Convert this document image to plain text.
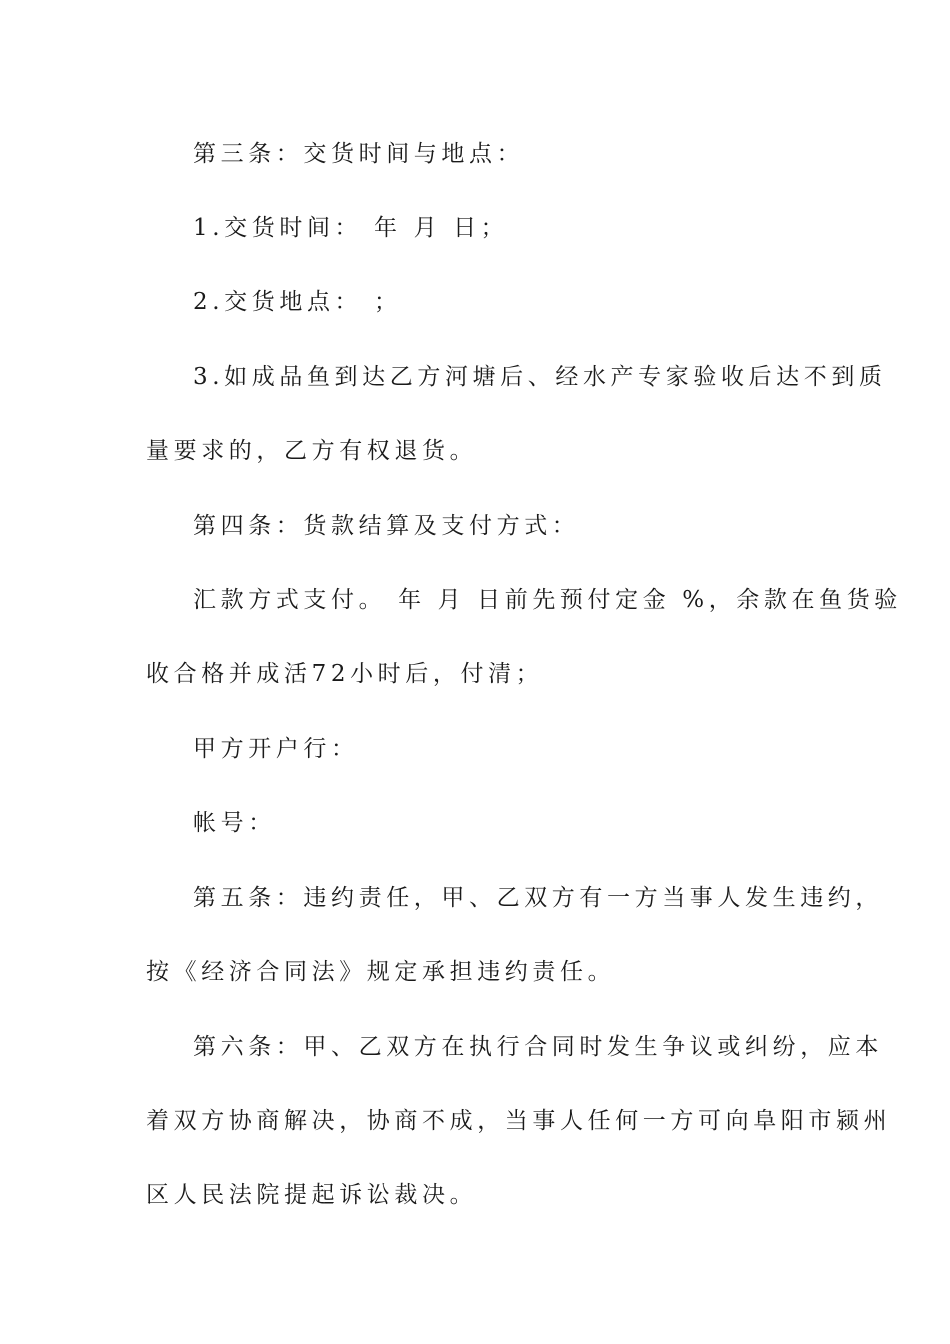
第三条：交货时间与地点：
1.交货时间： 年 月 日；
2.交货地点： ；
3.如成品鱼到达乙方河塘后、经水产专家验收后达不到质
量要求的，乙方有权退货。
第四条：货款结算及支付方式：
汇款方式支付。 年 月 日前先预付定金 %，余款在鱼货验
收合格并成活72小时后，付清；
甲方开户行：
帐号：
第五条：违约责任，甲、乙双方有一方当事人发生违约，
按《经济合同法》规定承担违约责任。
第六条：甲、乙双方在执行合同时发生争议或纠纷，应本
着双方协商解决，协商不成，当事人任何一方可向阜阳市颍州
区人民法院提起诉讼裁决。
